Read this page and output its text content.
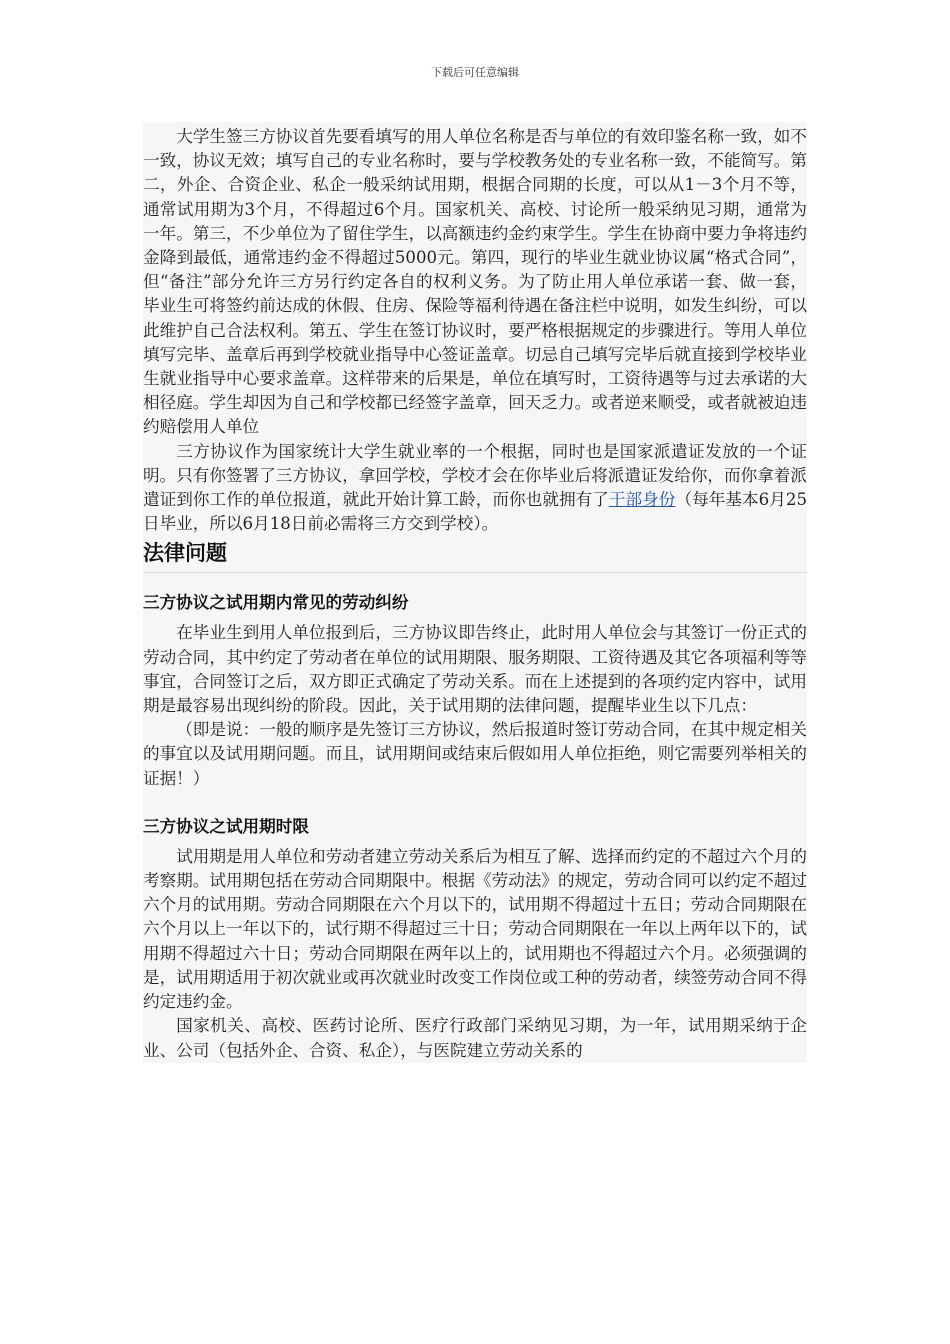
下载后可任意编辑

大学生签三方协议首先要看填写的用人单位名称是否与单位的有效印鉴名称一致，如不一致，协议无效；填写自己的专业名称时，要与学校教务处的专业名称一致，不能简写。第二，外企、合资企业、私企一般采纳试用期，根据合同期的长度，可以从1－3个月不等，通常试用期为3个月，不得超过6个月。国家机关、高校、讨论所一般采纳见习期，通常为一年。第三，不少单位为了留住学生，以高额违约金约束学生。学生在协商中要力争将违约金降到最低，通常违约金不得超过5000元。第四，现行的毕业生就业协议属“格式合同”，但“备注”部分允许三方另行约定各自的权利义务。为了防止用人单位承诺一套、做一套，毕业生可将签约前达成的休假、住房、保险等福利待遇在备注栏中说明，如发生纠纷，可以此维护自己合法权利。第五、学生在签订协议时，要严格根据规定的步骤进行。等用人单位填写完毕、盖章后再到学校就业指导中心签证盖章。切忌自己填写完毕后就直接到学校毕业生就业指导中心要求盖章。这样带来的后果是，单位在填写时，工资待遇等与过去承诺的大相径庭。学生却因为自己和学校都已经签字盖章，回天乏力。或者逆来顺受，或者就被迫违约赔偿用人单位

三方协议作为国家统计大学生就业率的一个根据，同时也是国家派遣证发放的一个证明。只有你签署了三方协议，拿回学校，学校才会在你毕业后将派遣证发给你，而你拿着派遣证到你工作的单位报道，就此开始计算工龄，而你也就拥有了干部身份（每年基本6月25日毕业，所以6月18日前必需将三方交到学校）。

法律问题
三方协议之试用期内常见的劳动纠纷

在毕业生到用人单位报到后，三方协议即告终止，此时用人单位会与其签订一份正式的劳动合同，其中约定了劳动者在单位的试用期限、服务期限、工资待遇及其它各项福利等等事宜，合同签订之后，双方即正式确定了劳动关系。而在上述提到的各项约定内容中，试用期是最容易出现纠纷的阶段。因此，关于试用期的法律问题，提醒毕业生以下几点：

（即是说：一般的顺序是先签订三方协议，然后报道时签订劳动合同，在其中规定相关的事宜以及试用期问题。而且，试用期间或结束后假如用人单位拒绝，则它需要列举相关的证据！）

三方协议之试用期时限

试用期是用人单位和劳动者建立劳动关系后为相互了解、选择而约定的不超过六个月的考察期。试用期包括在劳动合同期限中。根据《劳动法》的规定，劳动合同可以约定不超过六个月的试用期。劳动合同期限在六个月以下的，试用期不得超过十五日；劳动合同期限在六个月以上一年以下的，试行期不得超过三十日；劳动合同期限在一年以上两年以下的，试用期不得超过六十日；劳动合同期限在两年以上的，试用期也不得超过六个月。必须强调的是，试用期适用于初次就业或再次就业时改变工作岗位或工种的劳动者，续签劳动合同不得约定违约金。

国家机关、高校、医药讨论所、医疗行政部门采纳见习期，为一年，试用期采纳于企业、公司（包括外企、合资、私企），与医院建立劳动关系的
